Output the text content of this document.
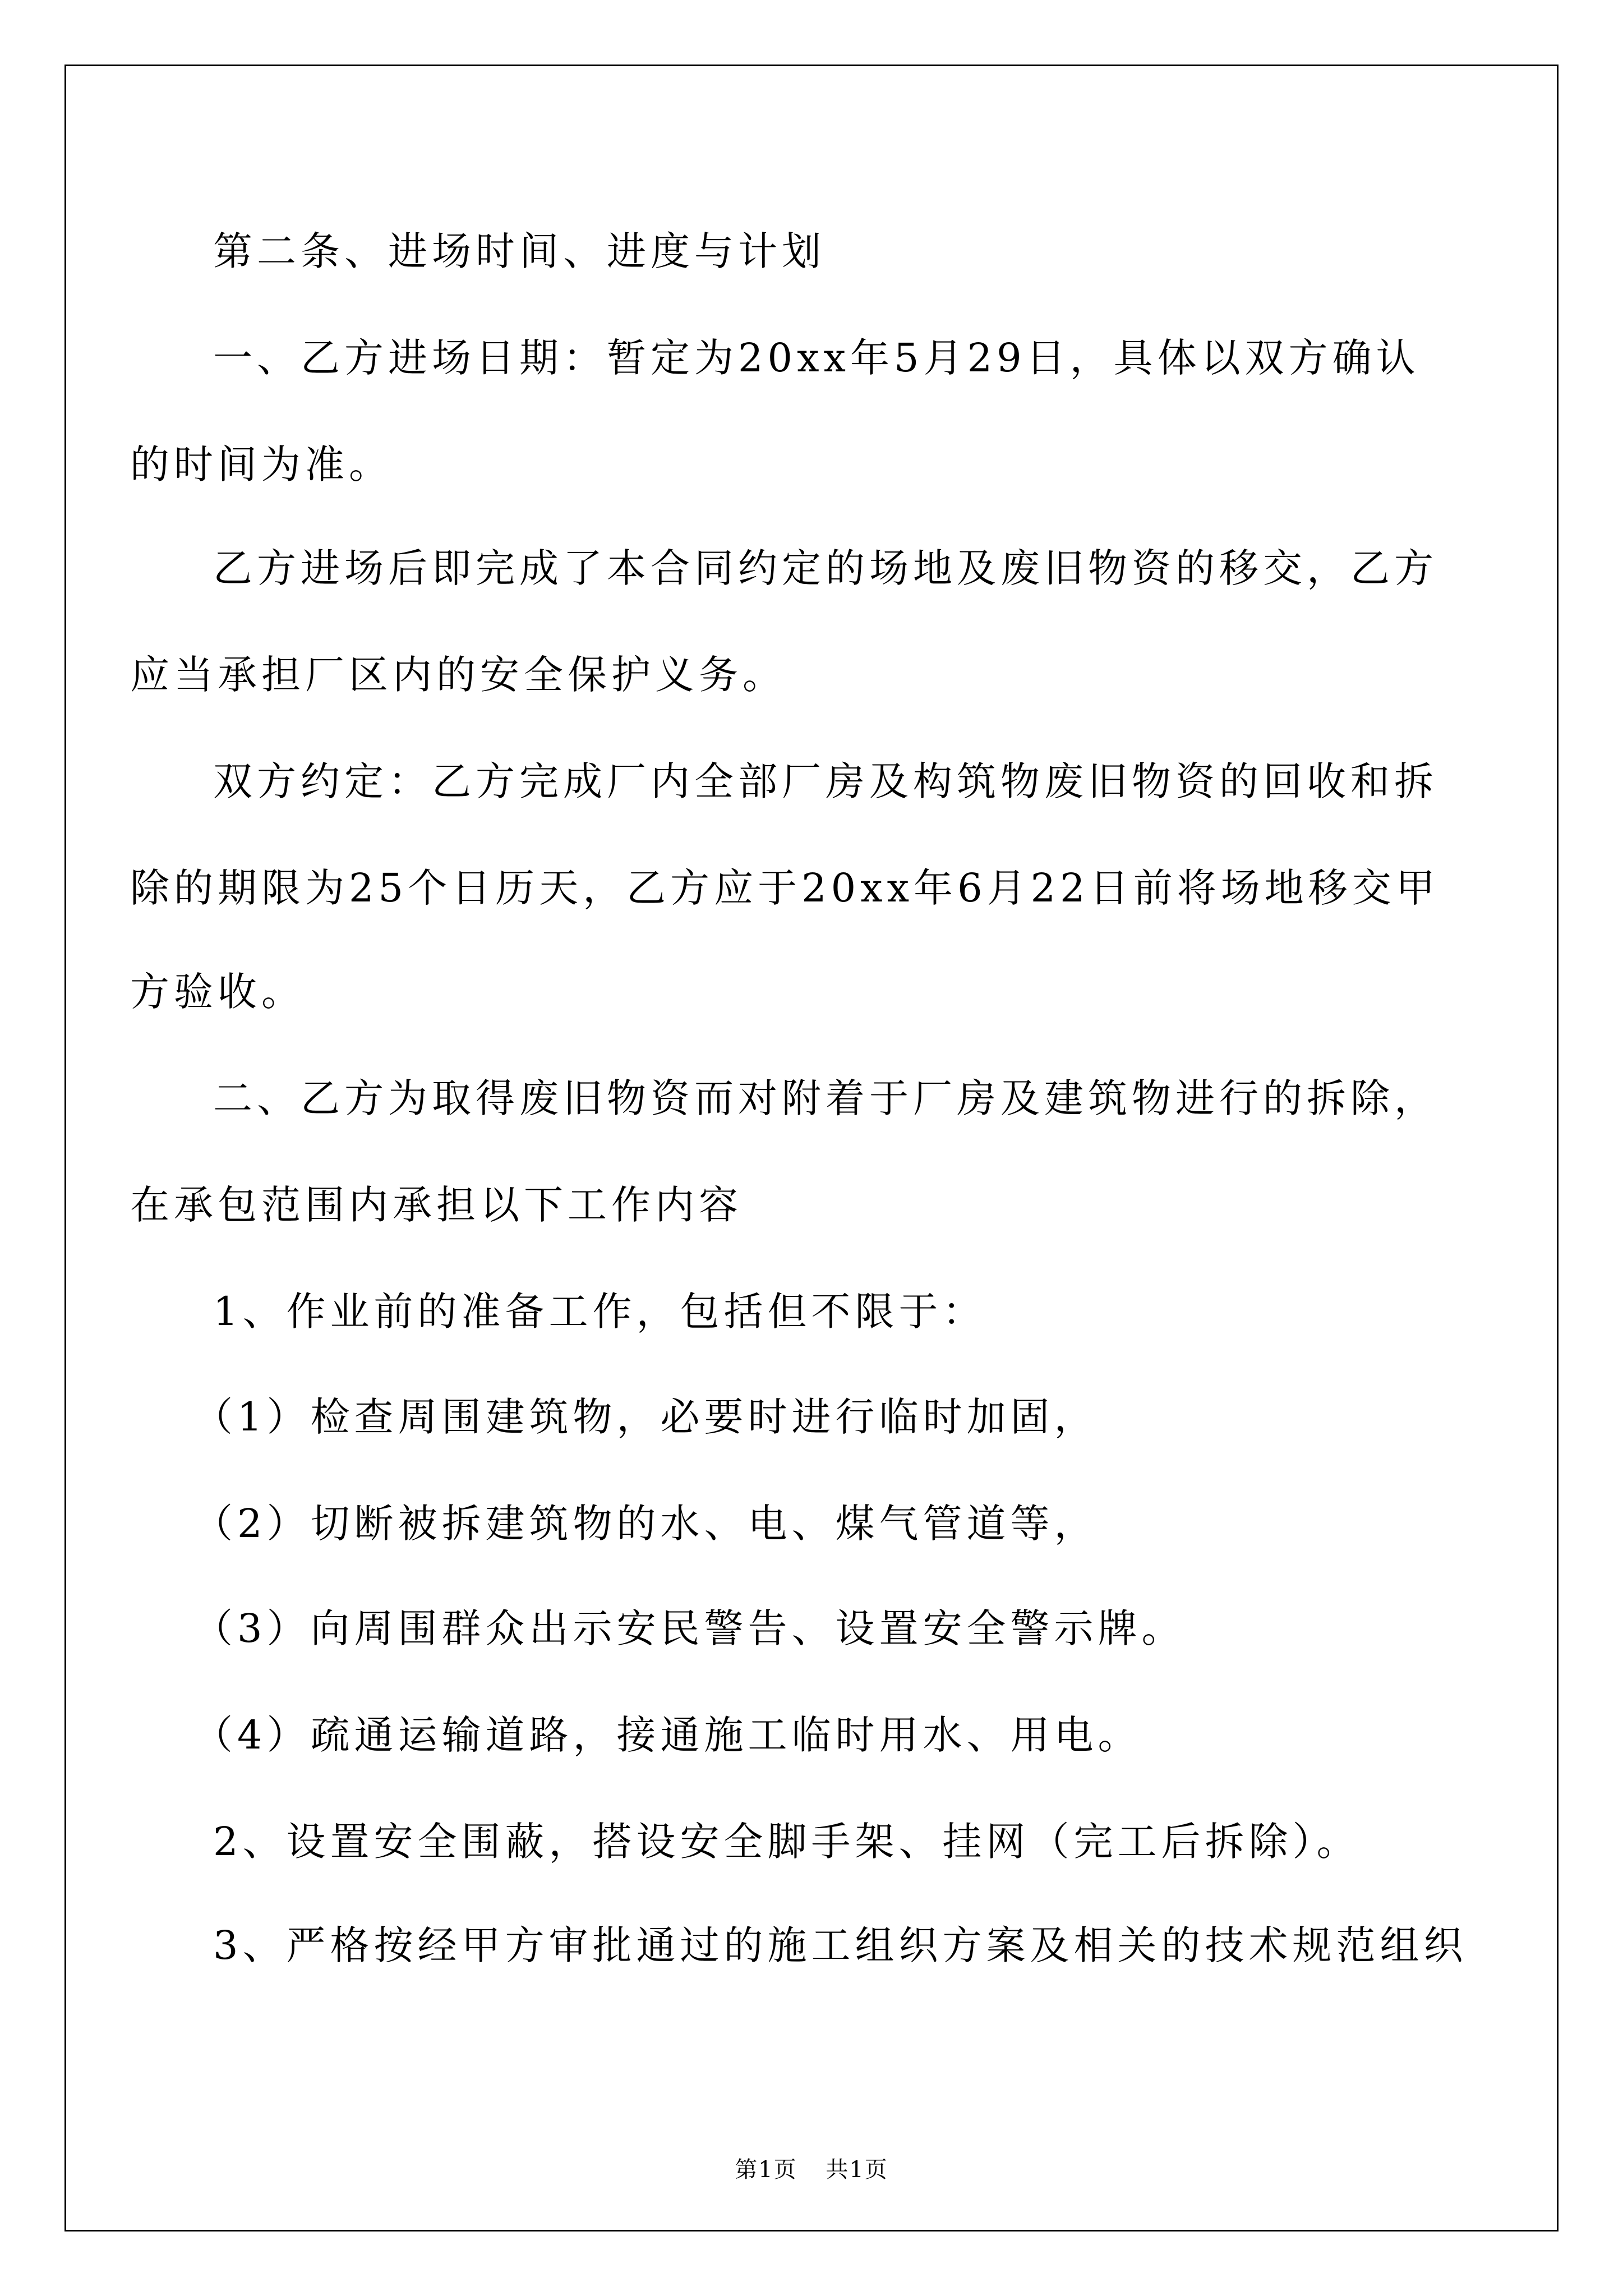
第二条、进场时间、进度与计划
一、乙方进场日期：暂定为20xx年5月29日，具体以双方确认
的时间为准。
乙方进场后即完成了本合同约定的场地及废旧物资的移交，乙方
应当承担厂区内的安全保护义务。
双方约定：乙方完成厂内全部厂房及构筑物废旧物资的回收和拆
除的期限为25个日历天，乙方应于20xx年6月22日前将场地移交甲
方验收。
二、乙方为取得废旧物资而对附着于厂房及建筑物进行的拆除，
在承包范围内承担以下工作内容
1、作业前的准备工作，包括但不限于：
（1）检查周围建筑物，必要时进行临时加固，
（2）切断被拆建筑物的水、电、煤气管道等，
（3）向周围群众出示安民警告、设置安全警示牌。
（4）疏通运输道路，接通施工临时用水、用电。
2、设置安全围蔽，搭设安全脚手架、挂网（完工后拆除）。
3、严格按经甲方审批通过的施工组织方案及相关的技术规范组织
第1页 共1页
